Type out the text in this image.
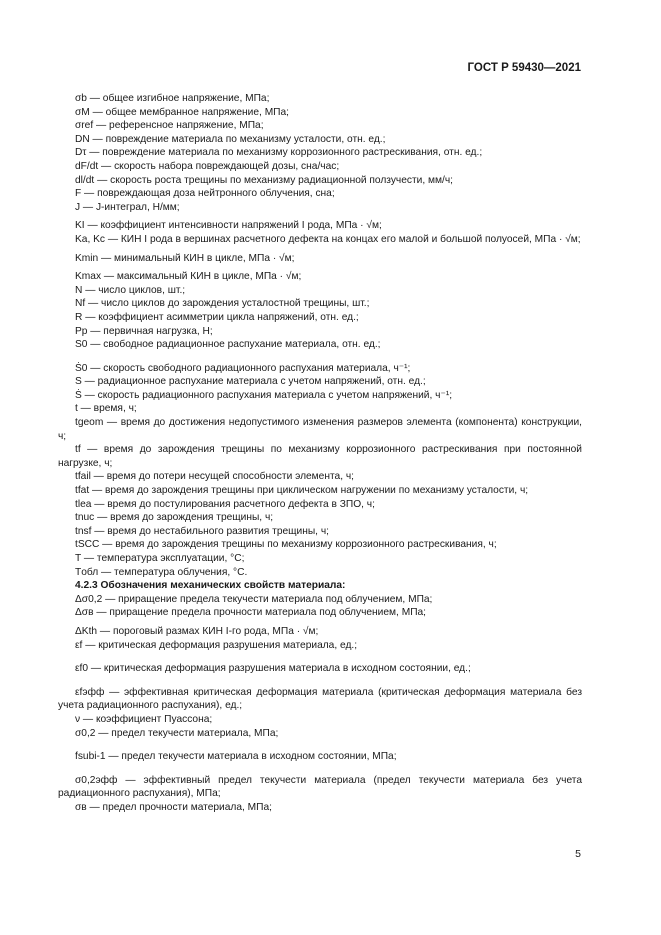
ГОСТ Р 59430—2021
σb — общее изгибное напряжение, МПа;
σM — общее мембранное напряжение, МПа;
σref — референсное напряжение, МПа;
DN — повреждение материала по механизму усталости, отн. ед.;
Dτ — повреждение материала по механизму коррозионного растрескивания, отн. ед.;
dF/dt — скорость набора повреждающей дозы, сна/час;
dl/dt — скорость роста трещины по механизму радиационной ползучести, мм/ч;
F — повреждающая доза нейтронного облучения, сна;
J — J-интеграл, Н/мм;
KI — коэффициент интенсивности напряжений I рода, МПа · √м;
Ka, Kc — КИН I рода в вершинах расчетного дефекта на концах его малой и большой полуосей, МПа · √м;
Kmin — минимальный КИН в цикле, МПа · √м;
Kmax — максимальный КИН в цикле, МПа · √м;
N — число циклов, шт.;
Nf — число циклов до зарождения усталостной трещины, шт.;
R — коэффициент асимметрии цикла напряжений, отн. ед.;
Pp — первичная нагрузка, Н;
S0 — свободное радиационное распухание материала, отн. ед.;
Ṡ0 — скорость свободного радиационного распухания материала, ч⁻¹;
S — радиационное распухание материала с учетом напряжений, отн. ед.;
Ṡ — скорость радиационного распухания материала с учетом напряжений, ч⁻¹;
t — время, ч;
tgeom — время до достижения недопустимого изменения размеров элемента (компонента) конструкции, ч;
tf — время до зарождения трещины по механизму коррозионного растрескивания при постоянной нагрузке, ч;
tfail — время до потери несущей способности элемента, ч;
tfat — время до зарождения трещины при циклическом нагружении по механизму усталости, ч;
tlea — время до постулирования расчетного дефекта в ЗПО, ч;
tnuc — время до зарождения трещины, ч;
tnsf — время до нестабильного развития трещины, ч;
tSCC — время до зарождения трещины по механизму коррозионного растрескивания, ч;
T — температура эксплуатации, °С;
Tобл — температура облучения, °С.
4.2.3 Обозначения механических свойств материала:
Δσ0,2 — приращение предела текучести материала под облучением, МПа;
Δσв — приращение предела прочности материала под облучением, МПа;
ΔKth — пороговый размах КИН I-го рода, МПа · √м;
εf — критическая деформация разрушения материала, ед.;
εf0 — критическая деформация разрушения материала в исходном состоянии, ед.;
εfэфф — эффективная критическая деформация материала (критическая деформация материала без учета радиационного распухания), ед.;
ν — коэффициент Пуассона;
σ0,2 — предел текучести материала, МПа;
fsubi-1 — предел текучести материала в исходном состоянии, МПа;
σ0,2эфф — эффективный предел текучести материала (предел текучести материала без учета радиационного распухания), МПа;
σв — предел прочности материала, МПа;
5
